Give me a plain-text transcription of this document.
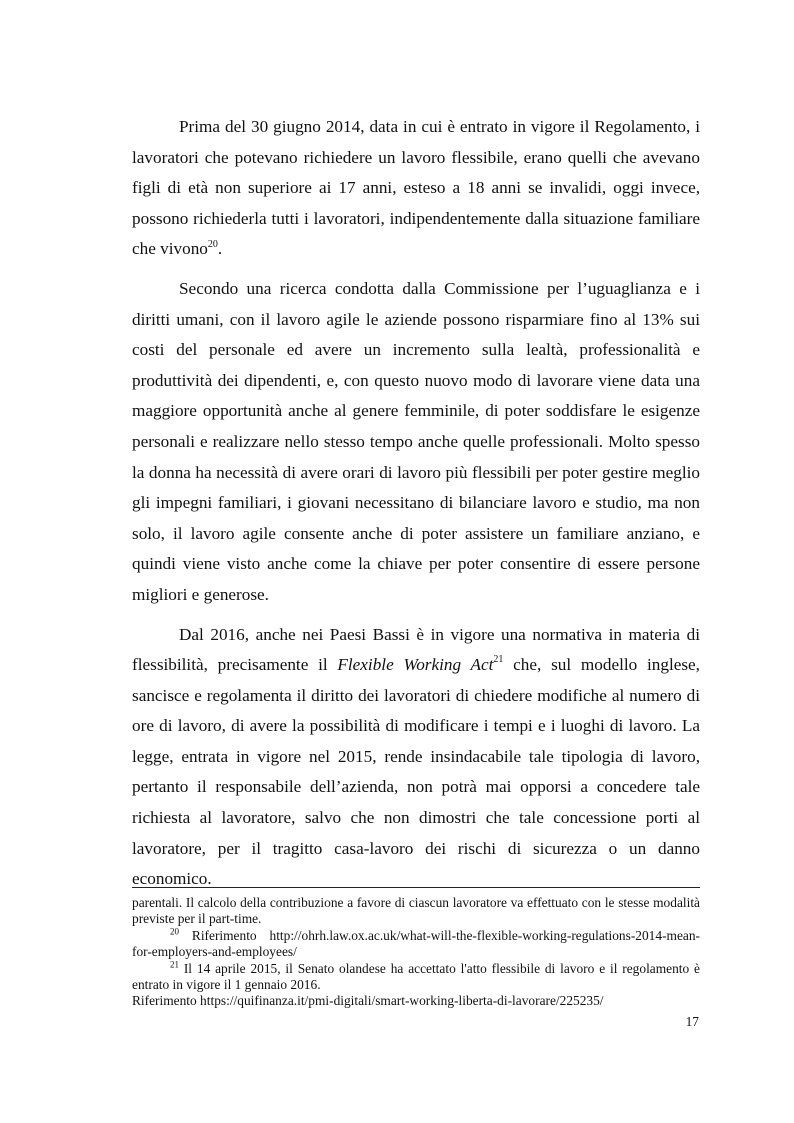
Prima del 30 giugno 2014, data in cui è entrato in vigore il Regolamento, i lavoratori che potevano richiedere un lavoro flessibile, erano quelli che avevano figli di età non superiore ai 17 anni, esteso a 18 anni se invalidi, oggi invece, possono richiederla tutti i lavoratori, indipendentemente dalla situazione familiare che vivono$^{20}$.

Secondo una ricerca condotta dalla Commissione per l’uguaglianza e i diritti umani, con il lavoro agile le aziende possono risparmiare fino al 13% sui costi del personale ed avere un incremento sulla lealtà, professionalità e produttività dei dipendenti, e, con questo nuovo modo di lavorare viene data una maggiore opportunità anche al genere femminile, di poter soddisfare le esigenze personali e realizzare nello stesso tempo anche quelle professionali. Molto spesso la donna ha necessità di avere orari di lavoro più flessibili per poter gestire meglio gli impegni familiari, i giovani necessitano di bilanciare lavoro e studio, ma non solo, il lavoro agile consente anche di poter assistere un familiare anziano, e quindi viene visto anche come la chiave per poter consentire di essere persone migliori e generose.

Dal 2016, anche nei Paesi Bassi è in vigore una normativa in materia di flessibilità, precisamente il Flexible Working Act$^{21}$ che, sul modello inglese, sancisce e regolamenta il diritto dei lavoratori di chiedere modifiche al numero di ore di lavoro, di avere la possibilità di modificare i tempi e i luoghi di lavoro. La legge, entrata in vigore nel 2015, rende insindacabile tale tipologia di lavoro, pertanto il responsabile dell’azienda, non potrà mai opporsi a concedere tale richiesta al lavoratore, salvo che non dimostri che tale concessione porti al lavoratore, per il tragitto casa-lavoro dei rischi di sicurezza o un danno economico.

parentali. Il calcolo della contribuzione a favore di ciascun lavoratore va effettuato con le stesse modalità previste per il part-time.

$^{20}$ Riferimento http://ohrh.law.ox.ac.uk/what-will-the-flexible-working-regulations-2014-mean-for-employers-and-employees/

$^{21}$ Il 14 aprile 2015, il Senato olandese ha accettato l'atto flessibile di lavoro e il regolamento è entrato in vigore il 1 gennaio 2016.

Riferimento https://quifinanza.it/pmi-digitali/smart-working-liberta-di-lavorare/225235/

17
